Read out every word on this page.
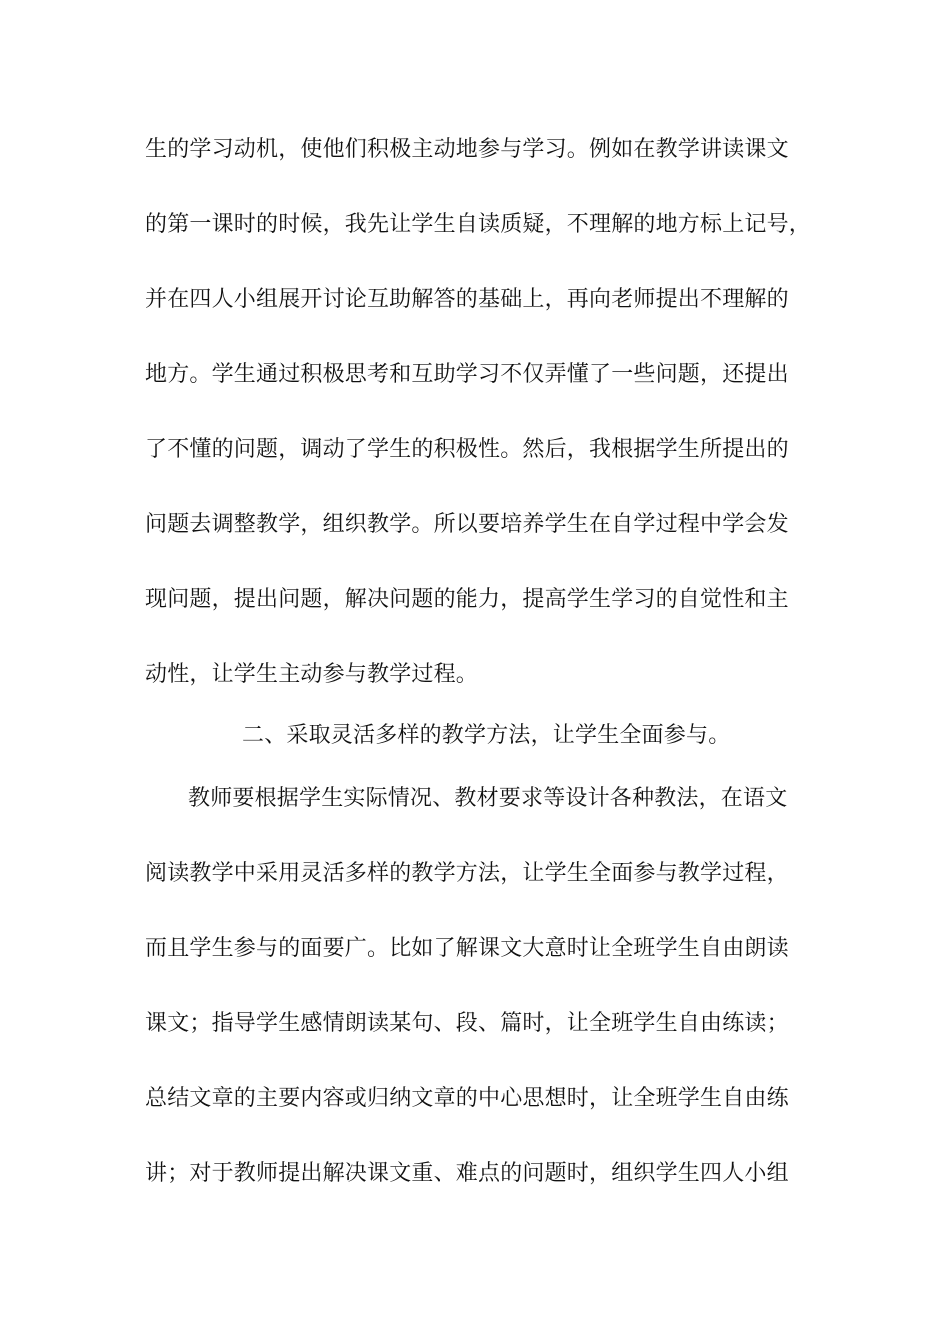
生的学习动机，使他们积极主动地参与学习。例如在教学讲读课文
的第一课时的时候，我先让学生自读质疑，不理解的地方标上记号，
并在四人小组展开讨论互助解答的基础上，再向老师提出不理解的
地方。学生通过积极思考和互助学习不仅弄懂了一些问题，还提出
了不懂的问题，调动了学生的积极性。然后，我根据学生所提出的
问题去调整教学，组织教学。所以要培养学生在自学过程中学会发
现问题，提出问题，解决问题的能力，提高学生学习的自觉性和主
动性，让学生主动参与教学过程。
二、采取灵活多样的教学方法，让学生全面参与。
教师要根据学生实际情况、教材要求等设计各种教法，在语文
阅读教学中采用灵活多样的教学方法，让学生全面参与教学过程，
而且学生参与的面要广。比如了解课文大意时让全班学生自由朗读
课文；指导学生感情朗读某句、段、篇时，让全班学生自由练读；
总结文章的主要内容或归纳文章的中心思想时，让全班学生自由练
讲；对于教师提出解决课文重、难点的问题时，组织学生四人小组
